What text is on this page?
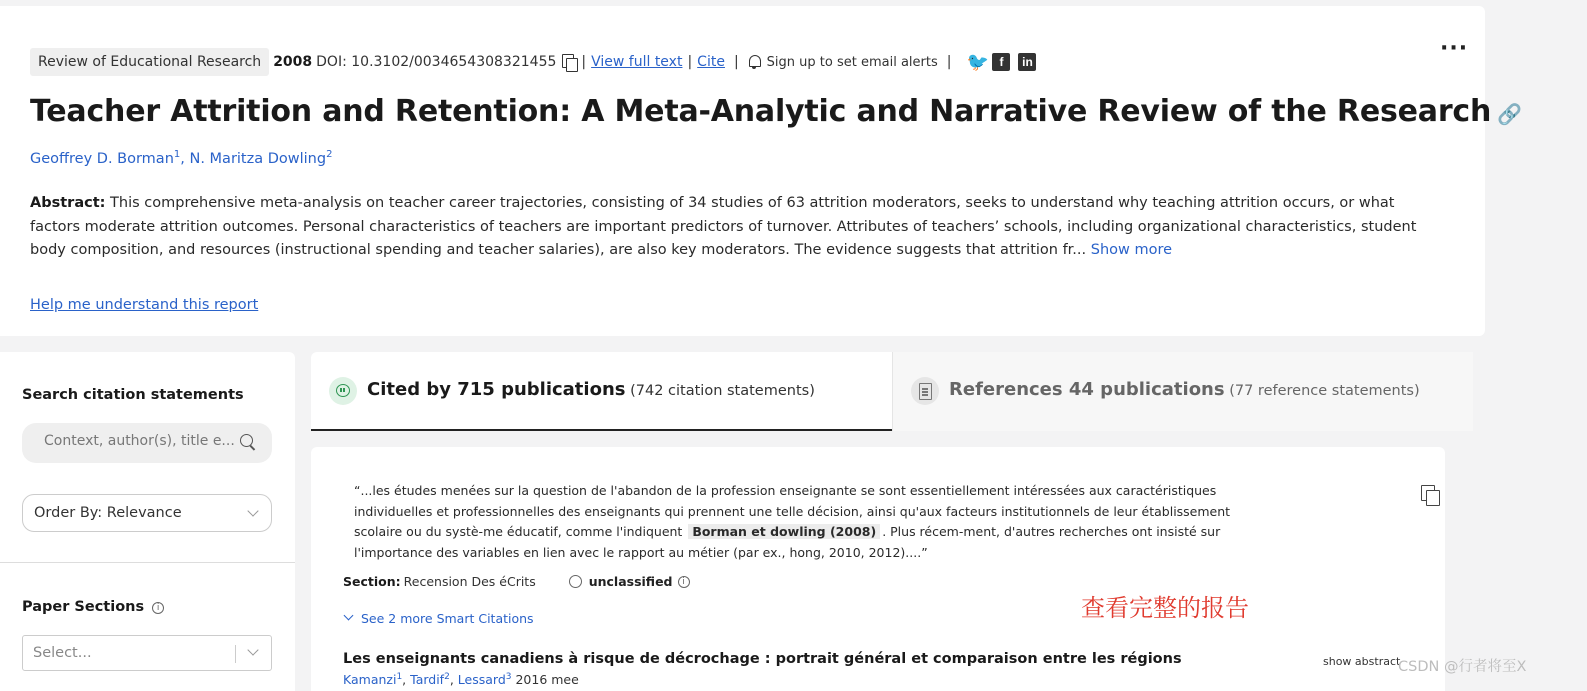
Review of Educational Research 2008 DOI: 10.3102/0034654308321455 | View full text | Cite | Sign up to set email alerts | 🐦 f	in
···
Teacher Attrition and Retention: A Meta-Analytic and Narrative Review of the Research 🔗
Geoffrey D. Borman$^1$, N. Maritza Dowling$^2$

Abstract: This comprehensive meta-analysis on teacher career trajectories, consisting of 34 studies of 63 attrition moderators, seeks to understand why teaching attrition occurs, or what factors moderate attrition outcomes. Personal characteristics of teachers are important predictors of turnover. Attributes of teachers’ schools, including organizational characteristics, student body composition, and resources (instructional spending and teacher salaries), are also key moderators. The evidence suggests that attrition fr... Show more

Help me understand this report
Search citation statements
Context, author(s), title e...
Order By: Relevance
Paper Sections i
Select...
Cited by 715 publications (742 citation statements)	References 44 publications (77 reference statements)

“...les études menées sur la question de l'abandon de la profession enseignante se sont essentiellement intéressées aux caractéristiques individuelles et professionnelles des enseignants qui prennent une telle décision, ainsi qu'aux facteurs institutionnels de leur établissement scolaire ou du systè-me éducatif, comme l'indiquent Borman et dowling (2008) . Plus récem-ment, d'autres recherches ont insisté sur l'importance des variables en lien avec le rapport au métier (par ex., hong, 2010, 2012)....”

Section: Recension Des éCrits	unclassified	i
See 2 more Smart Citations	查看完整的报告
Les enseignants canadiens à risque de décrochage : portrait général et comparaison entre les régions
Kamanzi$^1$, Tardif$^2$, Lessard$^3$ 2016 mee
show abstract
CSDN @行者将至X
